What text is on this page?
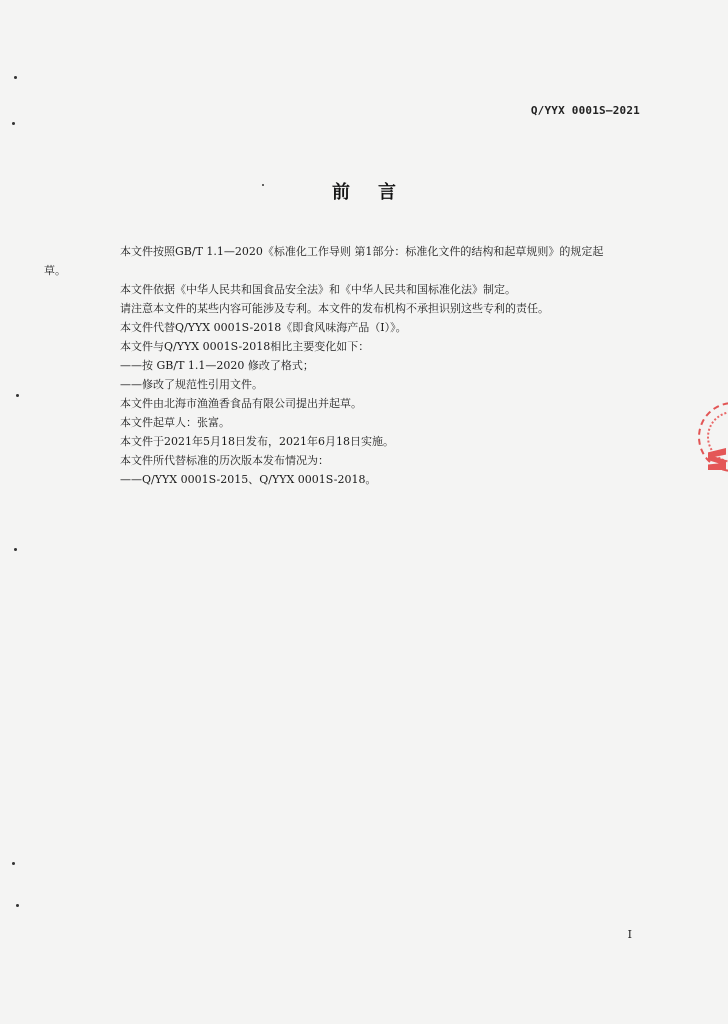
Q/YYX 0001S—2021
前言

本文件按照GB/T 1.1—2020《标准化工作导则 第1部分：标准化文件的结构和起草规则》的规定起
草。

本文件依据《中华人民共和国食品安全法》和《中华人民共和国标准化法》制定。

请注意本文件的某些内容可能涉及专利。本文件的发布机构不承担识别这些专利的责任。

本文件代替Q/YYX 0001S-2018《即食风味海产品（Ⅰ）》。

本文件与Q/YYX 0001S-2018相比主要变化如下：

——按 GB/T 1.1—2020 修改了格式；

——修改了规范性引用文件。

本文件由北海市渔渔香食品有限公司提出并起草。

本文件起草人：张富。

本文件于2021年5月18日发布，2021年6月18日实施。

本文件所代替标准的历次版本发布情况为：

——Q/YYX 0001S-2015、Q/YYX 0001S-2018。

I
